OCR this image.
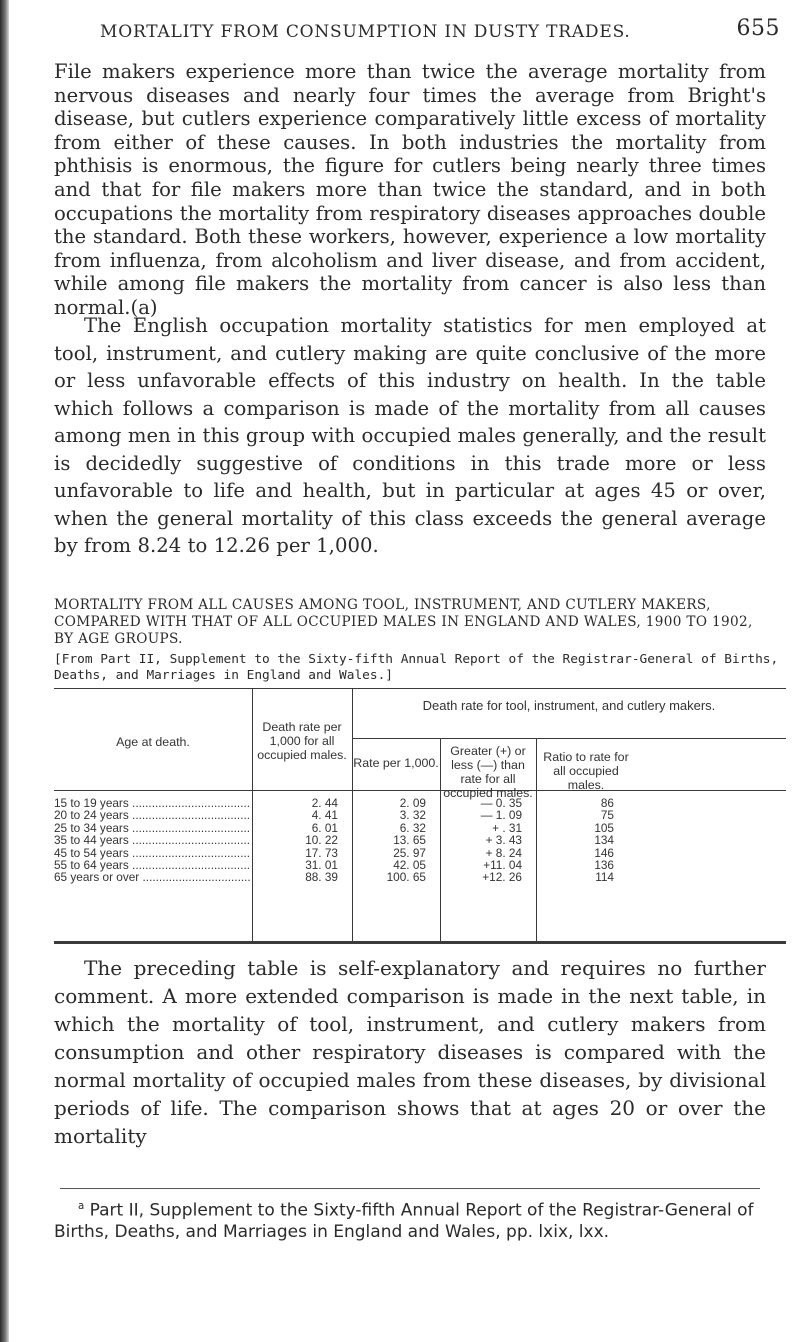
MORTALITY FROM CONSUMPTION IN DUSTY TRADES.	655
File makers experience more than twice the average mortality from nervous diseases and nearly four times the average from Bright's disease, but cutlers experience comparatively little excess of mortality from either of these causes. In both industries the mortality from phthisis is enormous, the figure for cutlers being nearly three times and that for file makers more than twice the standard, and in both occupations the mortality from respiratory diseases approaches double the standard. Both these workers, however, experience a low mortality from influenza, from alcoholism and liver disease, and from accident, while among file makers the mortality from cancer is also less than normal.(a)
The English occupation mortality statistics for men employed at tool, instrument, and cutlery making are quite conclusive of the more or less unfavorable effects of this industry on health. In the table which follows a comparison is made of the mortality from all causes among men in this group with occupied males generally, and the result is decidedly suggestive of conditions in this trade more or less unfavorable to life and health, but in particular at ages 45 or over, when the general mortality of this class exceeds the general average by from 8.24 to 12.26 per 1,000.
MORTALITY FROM ALL CAUSES AMONG TOOL, INSTRUMENT, AND CUTLERY MAKERS, COMPARED WITH THAT OF ALL OCCUPIED MALES IN ENGLAND AND WALES, 1900 TO 1902, BY AGE GROUPS.
[From Part II, Supplement to the Sixty-fifth Annual Report of the Registrar-General of Births, Deaths, and Marriages in England and Wales.]
Age at death.
Death rate per 1,000 for all occupied males.
Death rate for tool, instrument, and cutlery makers.
Rate per 1,000.
Greater (+) or less (—) than rate for all occupied males.
Ratio to rate for all occupied males.
15 to 19 years .....	2. 44	2. 09	— 0. 35	86
20 to 24 years .....	4. 41	3. 32	— 1. 09	75
25 to 34 years .....	6. 01	6. 32	+ . 31	105
35 to 44 years .....	10. 22	13. 65	+ 3. 43	134
45 to 54 years .....	17. 73	25. 97	+ 8. 24	146
55 to 64 years .....	31. 01	42. 05	+11. 04	136
65 years or over .....	88. 39	100. 65	+12. 26	114
The preceding table is self-explanatory and requires no further comment. A more extended comparison is made in the next table, in which the mortality of tool, instrument, and cutlery makers from consumption and other respiratory diseases is compared with the normal mortality of occupied males from these diseases, by divisional periods of life. The comparison shows that at ages 20 or over the mortality
$^a$ Part II, Supplement to the Sixty-fifth Annual Report of the Registrar-General of Births, Deaths, and Marriages in England and Wales, pp. lxix, lxx.
